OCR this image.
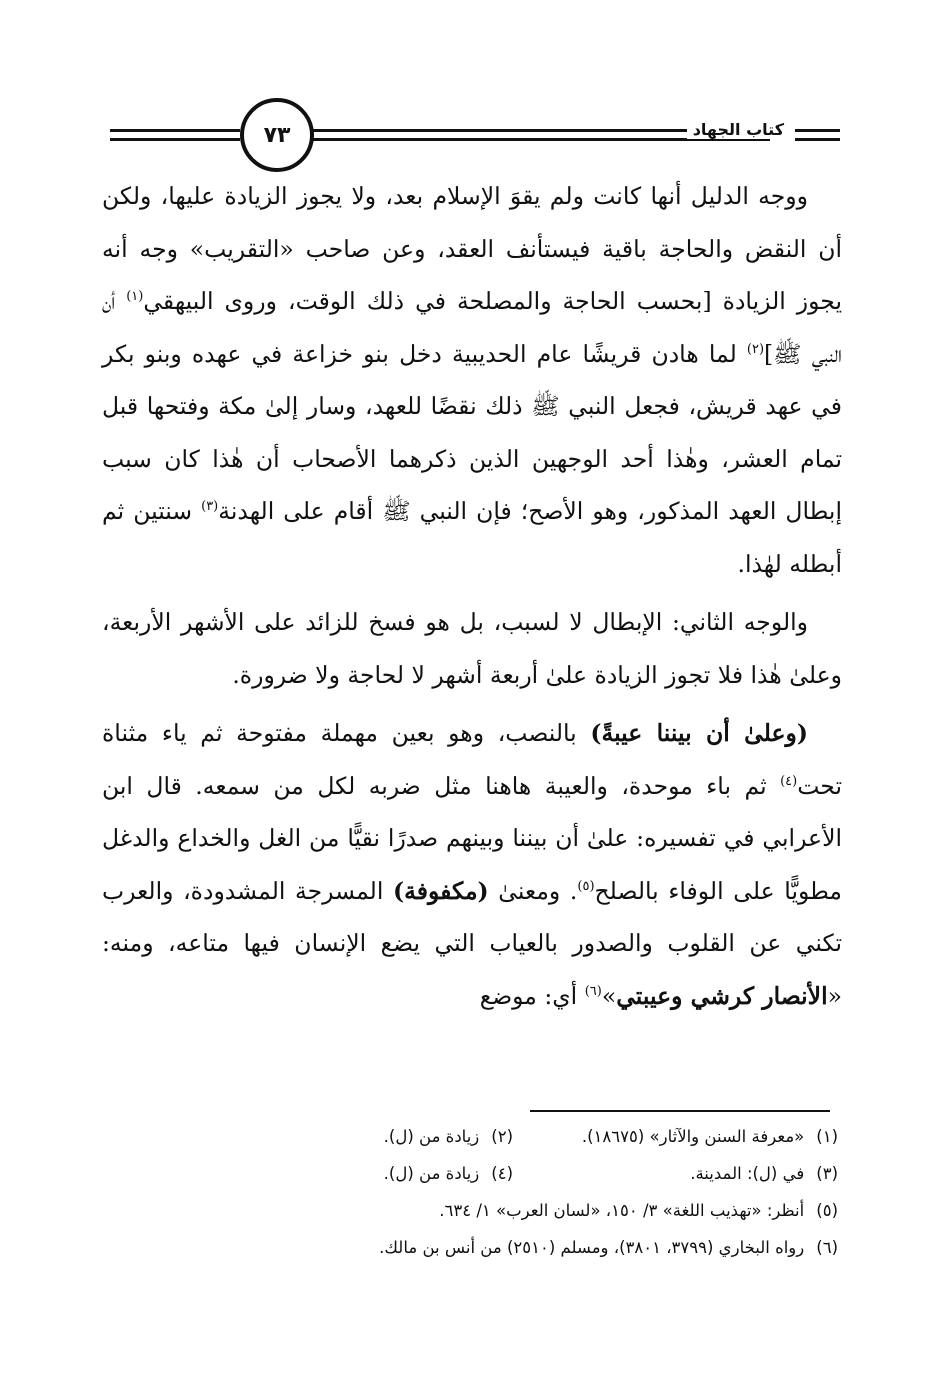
٧٣	كتاب الجهاد

ووجه الدليل أنها كانت ولم يقوَ الإسلام بعد، ولا يجوز الزيادة عليها، ولكن أن النقض والحاجة باقية فيستأنف العقد، وعن صاحب «التقريب» وجه أنه يجوز الزيادة [بحسب الحاجة والمصلحة في ذلك الوقت، وروى البيهقي$^{(١)}$ أن النبي ﷺ]$^{(٢)}$ لما هادن قريشًا عام الحديبية دخل بنو خزاعة في عهده وبنو بكر في عهد قريش، فجعل النبي ﷺ ذلك نقضًا للعهد، وسار إلىٰ مكة وفتحها قبل تمام العشر، وهٰذا أحد الوجهين الذين ذكرهما الأصحاب أن هٰذا كان سبب إبطال العهد المذكور، وهو الأصح؛ فإن النبي ﷺ أقام على الهدنة$^{(٣)}$ سنتين ثم أبطله لهٰذا.

والوجه الثاني: الإبطال لا لسبب، بل هو فسخ للزائد على الأشهر الأربعة، وعلىٰ هٰذا فلا تجوز الزيادة علىٰ أربعة أشهر لا لحاجة ولا ضرورة.

(وعلىٰ أن بيننا عيبةً) بالنصب، وهو بعين مهملة مفتوحة ثم ياء مثناة تحت$^{(٤)}$ ثم باء موحدة، والعيبة هاهنا مثل ضربه لكل من سمعه. قال ابن الأعرابي في تفسيره: علىٰ أن بيننا وبينهم صدرًا نقيًّا من الغل والخداع والدغل مطويًّا على الوفاء بالصلح$^{(٥)}$. ومعنىٰ (مكفوفة) المسرجة المشدودة، والعرب تكني عن القلوب والصدور بالعياب التي يضع الإنسان فيها متاعه، ومنه: «الأنصار كرشي وعيبتي»$^{(٦)}$ أي: موضع

(١)«معرفة السنن والآثار» (١٨٦٧٥).
(٢)زيادة من (ل).
(٣)في (ل): المدينة.
(٤)زيادة من (ل).
(٥)أنظر: «تهذيب اللغة» ٣/ ١٥٠، «لسان العرب» ١/ ٦٣٤.
(٦)رواه البخاري (٣٧٩٩، ٣٨٠١)، ومسلم (٢٥١٠) من أنس بن مالك.
